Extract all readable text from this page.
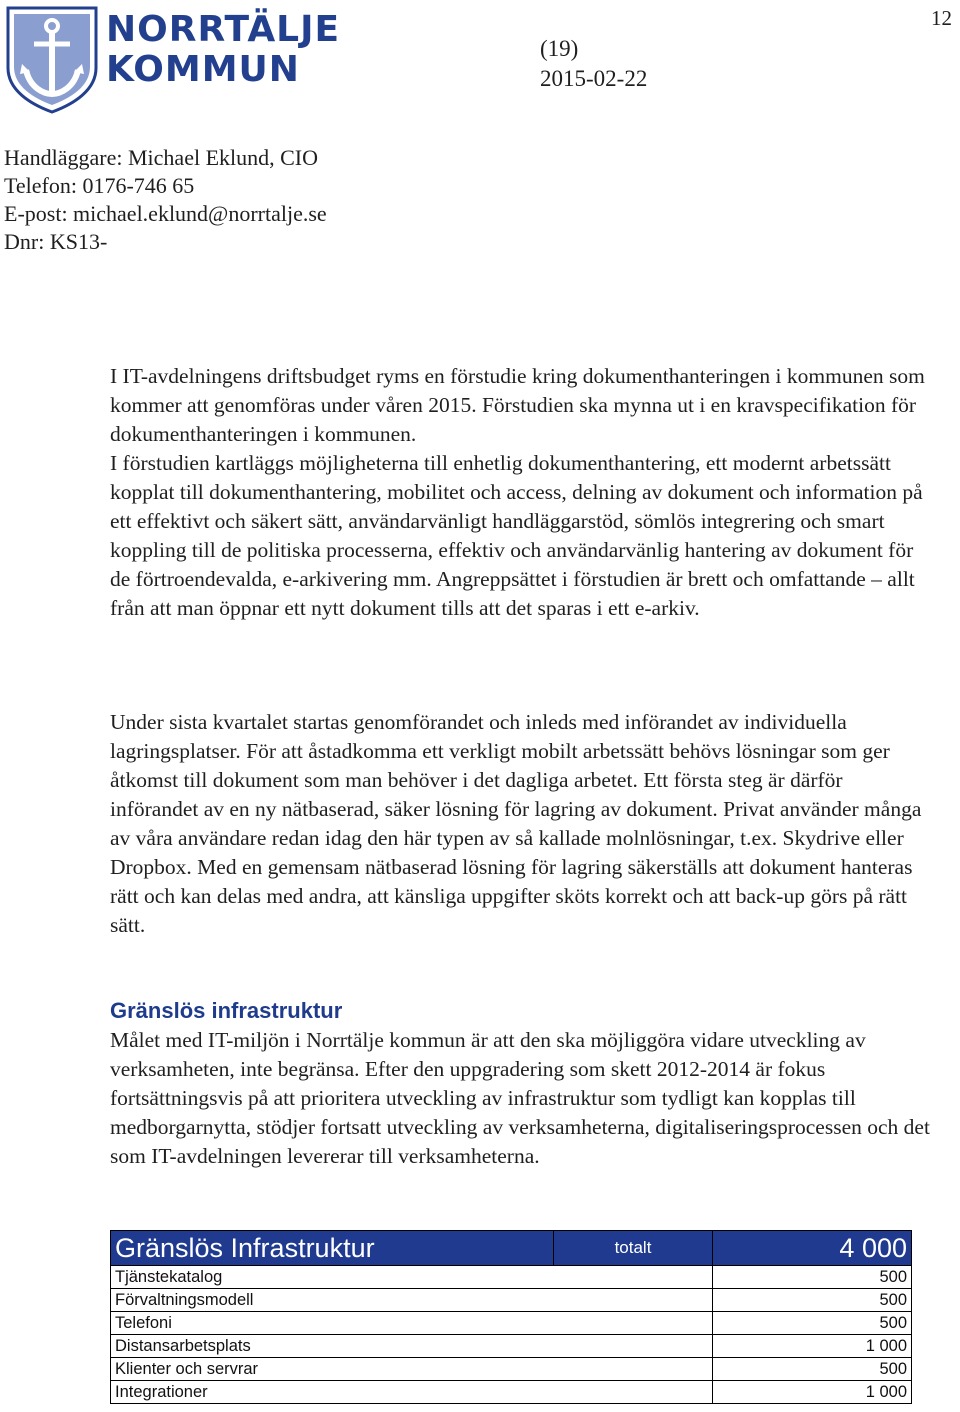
12
NORRTÄLJE
KOMMUN
(19)
2015-02-22
Handläggare: Michael Eklund, CIO
Telefon: 0176-746 65
E-post: michael.eklund@norrtalje.se
Dnr: KS13-

I IT-avdelningens driftsbudget ryms en förstudie kring dokumenthanteringen i kommunen som kommer att genomföras under våren 2015. Förstudien ska mynna ut i en kravspecifikation för dokumenthanteringen i kommunen.

I förstudien kartläggs möjligheterna till enhetlig dokumenthantering, ett modernt arbetssätt kopplat till dokumenthantering, mobilitet och access, delning av dokument och information på ett effektivt och säkert sätt, användarvänligt handläggarstöd, sömlös integrering och smart koppling till de politiska processerna, effektiv och användarvänlig hantering av dokument för de förtroendevalda, e-arkivering mm. Angreppsättet i förstudien är brett och omfattande – allt från att man öppnar ett nytt dokument tills att det sparas i ett e-arkiv.

Under sista kvartalet startas genomförandet och inleds med införandet av individuella lagringsplatser. För att åstadkomma ett verkligt mobilt arbetssätt behövs lösningar som ger åtkomst till dokument som man behöver i det dagliga arbetet. Ett första steg är därför införandet av en ny nätbaserad, säker lösning för lagring av dokument. Privat använder många av våra användare redan idag den här typen av så kallade molnlösningar, t.ex. Skydrive eller Dropbox. Med en gemensam nätbaserad lösning för lagring säkerställs att dokument hanteras rätt och kan delas med andra, att känsliga uppgifter sköts korrekt och att back-up görs på rätt sätt.

Gränslös infrastruktur

Målet med IT-miljön i Norrtälje kommun är att den ska möjliggöra vidare utveckling av verksamheten, inte begränsa. Efter den uppgradering som skett 2012-2014 är fokus fortsättningsvis på att prioritera utveckling av infrastruktur som tydligt kan kopplas till medborgarnytta, stödjer fortsatt utveckling av verksamheterna, digitaliseringsprocessen och det som IT-avdelningen levererar till verksamheterna.

Gränslös Infrastruktur	totalt	4 000
Tjänstekatalog		500
Förvaltningsmodell		500
Telefoni		500
Distansarbetsplats		1 000
Klienter och servrar		500
Integrationer		1 000
